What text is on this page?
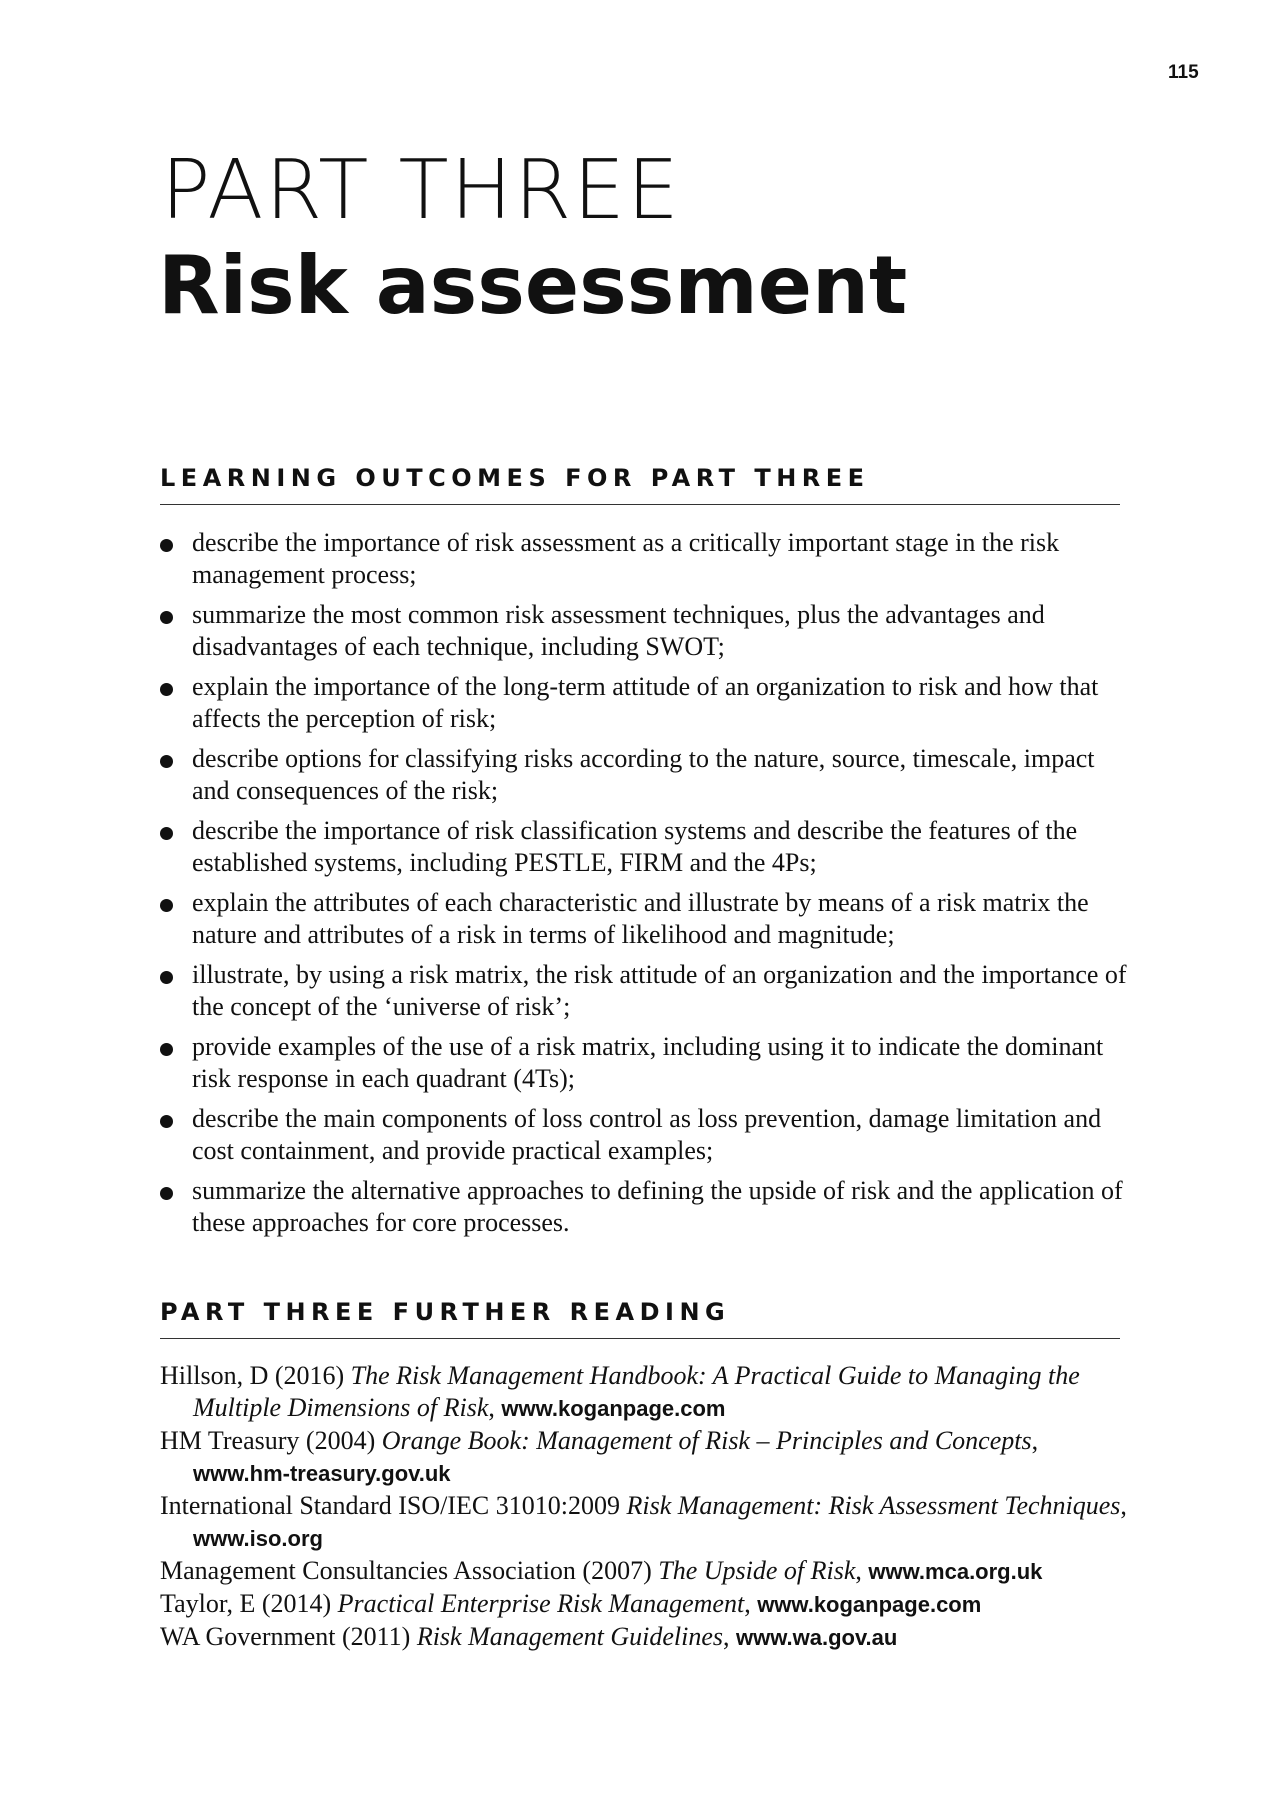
115
PART THREE
Risk assessment
LEARNING OUTCOMES FOR PART THREE
describe the importance of risk assessment as a critically important stage in the risk management process;
summarize the most common risk assessment techniques, plus the advantages and disadvantages of each technique, including SWOT;
explain the importance of the long-term attitude of an organization to risk and how that affects the perception of risk;
describe options for classifying risks according to the nature, source, timescale, impact and consequences of the risk;
describe the importance of risk classification systems and describe the features of the established systems, including PESTLE, FIRM and the 4Ps;
explain the attributes of each characteristic and illustrate by means of a risk matrix the nature and attributes of a risk in terms of likelihood and magnitude;
illustrate, by using a risk matrix, the risk attitude of an organization and the importance of the concept of the ‘universe of risk’;
provide examples of the use of a risk matrix, including using it to indicate the dominant risk response in each quadrant (4Ts);
describe the main components of loss control as loss prevention, damage limitation and cost containment, and provide practical examples;
summarize the alternative approaches to defining the upside of risk and the application of these approaches for core processes.
PART THREE FURTHER READING
Hillson, D (2016) The Risk Management Handbook: A Practical Guide to Managing the Multiple Dimensions of Risk, www.koganpage.com
HM Treasury (2004) Orange Book: Management of Risk – Principles and Concepts, www.hm-treasury.gov.uk
International Standard ISO/IEC 31010:2009 Risk Management: Risk Assessment Techniques, www.iso.org
Management Consultancies Association (2007) The Upside of Risk, www.mca.org.uk
Taylor, E (2014) Practical Enterprise Risk Management, www.koganpage.com
WA Government (2011) Risk Management Guidelines, www.wa.gov.au
